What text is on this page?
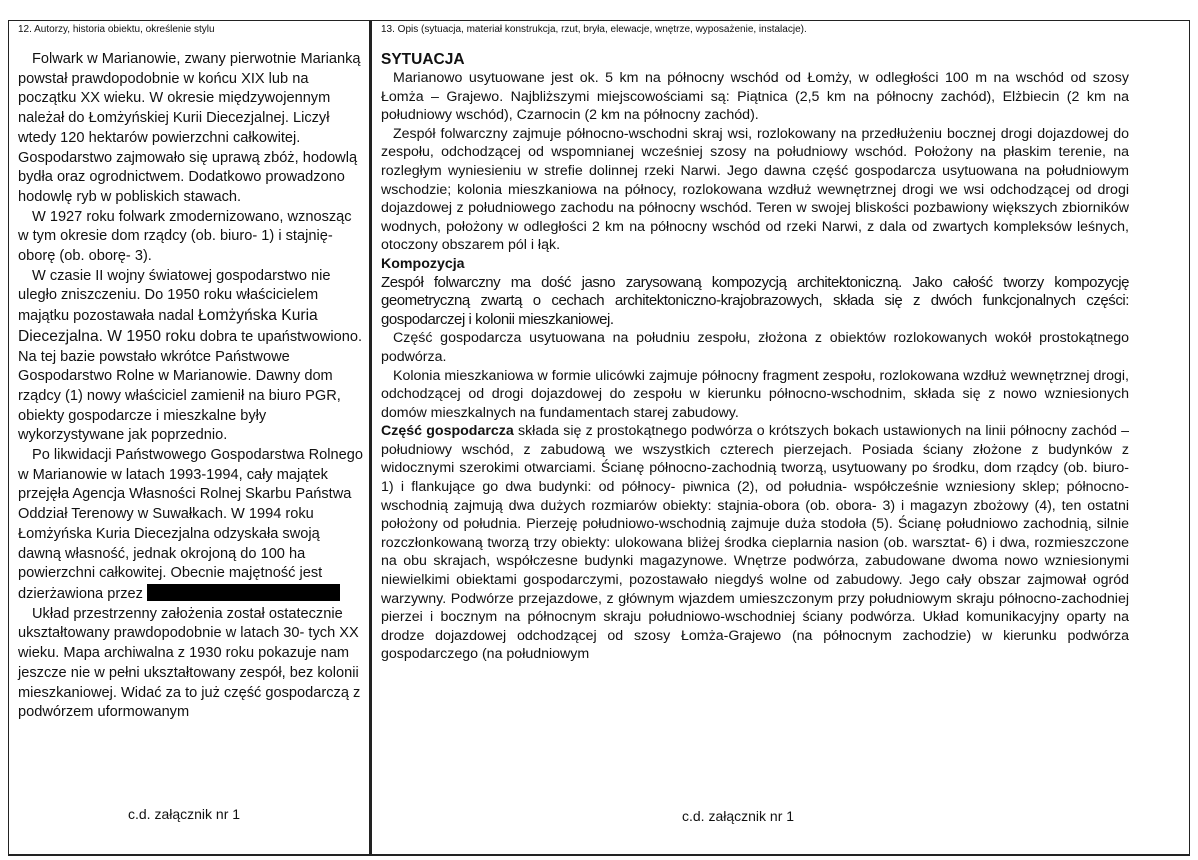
12. Autorzy, historia obiektu, określenie stylu	13. Opis (sytuacja, materiał konstrukcja, rzut, bryła, elewacje, wnętrze, wyposażenie, instalacje).

Folwark w Marianowie, zwany pierwotnie Marianką powstał prawdopodobnie w końcu XIX lub na początku XX wieku. W okresie międzywojennym należał do Łomżyńskiej Kurii Diecezjalnej. Liczył wtedy 120 hektarów powierzchni całkowitej. Gospodarstwo zajmowało się uprawą zbóż, hodowlą bydła oraz ogrodnictwem. Dodatkowo prowadzono hodowlę ryb w pobliskich stawach.

W 1927 roku folwark zmodernizowano, wznosząc w tym okresie dom rządcy (ob. biuro- 1) i stajnię-oborę (ob. oborę- 3).

W czasie II wojny światowej gospodarstwo nie uległo zniszczeniu. Do 1950 roku właścicielem majątku pozostawała nadal Łomżyńska Kuria Diecezjalna. W 1950 roku dobra te upaństwowiono. Na tej bazie powstało wkrótce Państwowe Gospodarstwo Rolne w Marianowie. Dawny dom rządcy (1) nowy właściciel zamienił na biuro PGR, obiekty gospodarcze i mieszkalne były wykorzystywane jak poprzednio.

Po likwidacji Państwowego Gospodarstwa Rolnego w Marianowie w latach 1993-1994, cały majątek przejęła Agencja Własności Rolnej Skarbu Państwa Oddział Terenowy w Suwałkach. W 1994 roku Łomżyńska Kuria Diecezjalna odzyskała swoją dawną własność, jednak okrojoną do 100 ha powierzchni całkowitej. Obecnie majętność jest dzierżawiona przez

Układ przestrzenny założenia został ostatecznie ukształtowany prawdopodobnie w latach 30- tych XX wieku. Mapa archiwalna z 1930 roku pokazuje nam jeszcze nie w pełni ukształtowany zespół, bez kolonii mieszkaniowej. Widać za to już część gospodarczą z podwórzem uformowanym

c.d. załącznik nr 1

SYTUACJA

Marianowo usytuowane jest ok. 5 km na północny wschód od Łomży, w odległości 100 m na wschód od szosy Łomża – Grajewo. Najbliższymi miejscowościami są: Piątnica (2,5 km na północny zachód), Elżbiecin (2 km na południowy wschód), Czarnocin (2 km na północny zachód).

Zespół folwarczny zajmuje północno-wschodni skraj wsi, rozlokowany na przedłużeniu bocznej drogi dojazdowej do zespołu, odchodzącej od wspomnianej wcześniej szosy na południowy wschód. Położony na płaskim terenie, na rozległym wyniesieniu w strefie dolinnej rzeki Narwi. Jego dawna część gospodarcza usytuowana na południowym wschodzie; kolonia mieszkaniowa na północy, rozlokowana wzdłuż wewnętrznej drogi we wsi odchodzącej od drogi dojazdowej z południowego zachodu na północny wschód. Teren w swojej bliskości pozbawiony większych zbiorników wodnych, położony w odległości 2 km na północny wschód od rzeki Narwi, z dala od zwartych kompleksów leśnych, otoczony obszarem pól i łąk.

Kompozycja

Zespół folwarczny ma dość jasno zarysowaną kompozycją architektoniczną. Jako całość tworzy kompozycję geometryczną zwartą o cechach architektoniczno-krajobrazowych, składa się z dwóch funkcjonalnych części: gospodarczej i kolonii mieszkaniowej.

Część gospodarcza usytuowana na południu zespołu, złożona z obiektów rozlokowanych wokół prostokątnego podwórza.

Kolonia mieszkaniowa w formie ulicówki zajmuje północny fragment zespołu, rozlokowana wzdłuż wewnętrznej drogi, odchodzącej od drogi dojazdowej do zespołu w kierunku północno-wschodnim, składa się z nowo wzniesionych domów mieszkalnych na fundamentach starej zabudowy.

Część gospodarcza składa się z prostokątnego podwórza o krótszych bokach ustawionych na linii północny zachód – południowy wschód, z zabudową we wszystkich czterech pierzejach. Posiada ściany złożone z budynków z widocznymi szerokimi otwarciami. Ścianę północno-zachodnią tworzą, usytuowany po środku, dom rządcy (ob. biuro- 1) i flankujące go dwa budynki: od północy- piwnica (2), od południa- współcześnie wzniesiony sklep; północno-wschodnią zajmują dwa dużych rozmiarów obiekty: stajnia-obora (ob. obora- 3) i magazyn zbożowy (4), ten ostatni położony od południa. Pierzeję południowo-wschodnią zajmuje duża stodoła (5). Ścianę południowo zachodnią, silnie rozczłonkowaną tworzą trzy obiekty: ulokowana bliżej środka cieplarnia nasion (ob. warsztat- 6) i dwa, rozmieszczone na obu skrajach, współczesne budynki magazynowe. Wnętrze podwórza, zabudowane dwoma nowo wzniesionymi niewielkimi obiektami gospodarczymi, pozostawało niegdyś wolne od zabudowy. Jego cały obszar zajmował ogród warzywny. Podwórze przejazdowe, z głównym wjazdem umieszczonym przy południowym skraju północno-zachodniej pierzei i bocznym na północnym skraju południowo-wschodniej ściany podwórza. Układ komunikacyjny oparty na drodze dojazdowej odchodzącej od szosy Łomża-Grajewo (na północnym zachodzie) w kierunku podwórza gospodarczego (na południowym

c.d. załącznik nr 1
